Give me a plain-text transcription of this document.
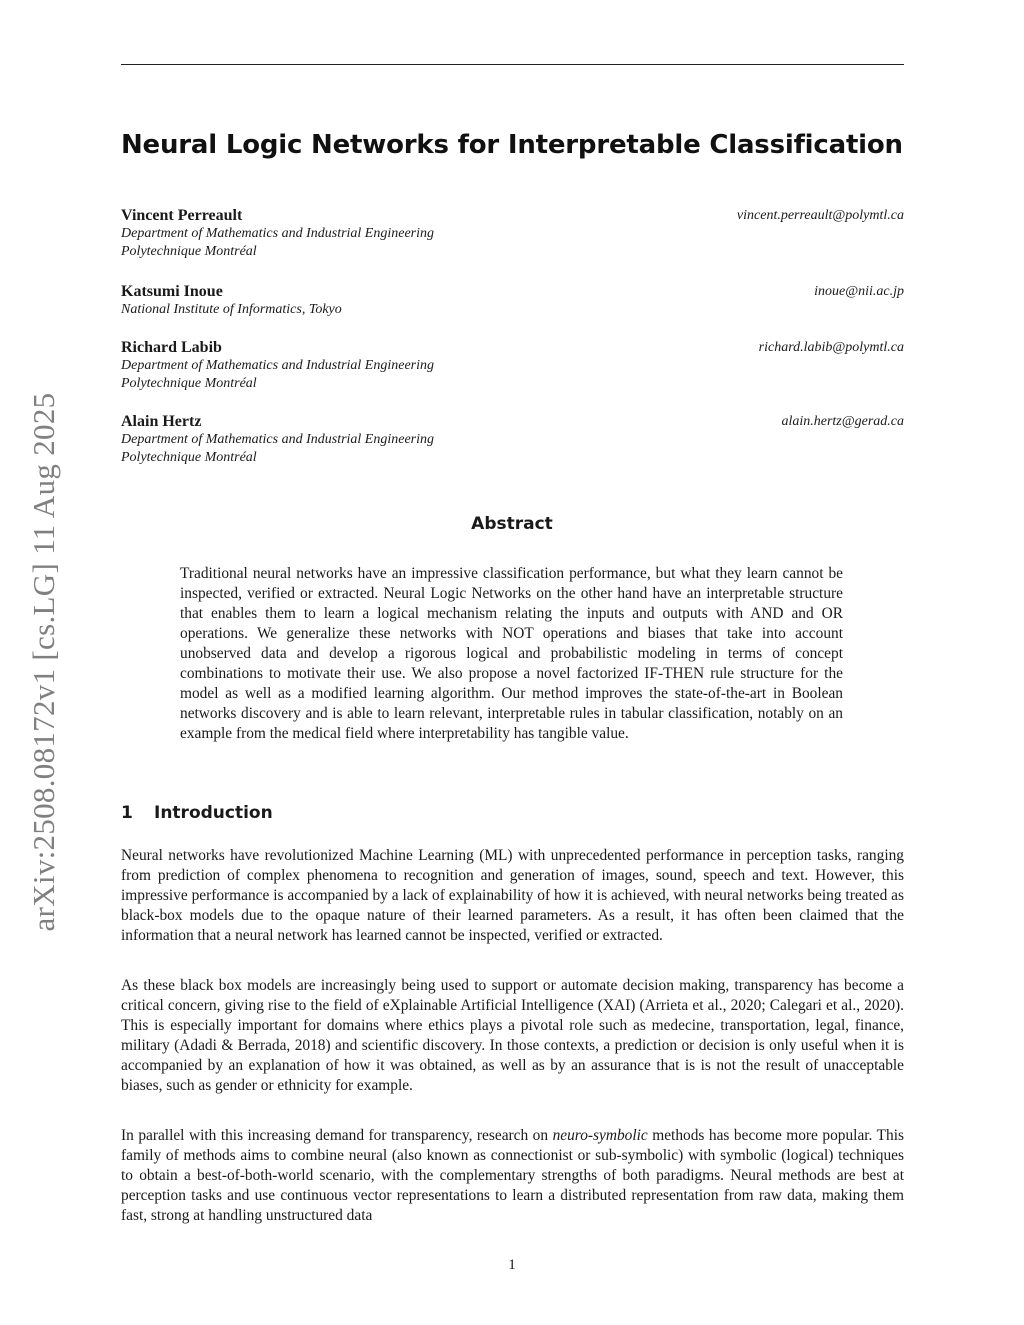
arXiv:2508.08172v1 [cs.LG] 11 Aug 2025
Neural Logic Networks for Interpretable Classification
Vincent Perreault	vincent.perreault@polymtl.ca
Department of Mathematics and Industrial Engineering
Polytechnique Montréal
Katsumi Inoue	inoue@nii.ac.jp
National Institute of Informatics, Tokyo
Richard Labib	richard.labib@polymtl.ca
Department of Mathematics and Industrial Engineering
Polytechnique Montréal
Alain Hertz	alain.hertz@gerad.ca
Department of Mathematics and Industrial Engineering
Polytechnique Montréal
Abstract
Traditional neural networks have an impressive classification performance, but what they learn cannot be inspected, verified or extracted. Neural Logic Networks on the other hand have an interpretable structure that enables them to learn a logical mechanism relating the inputs and outputs with AND and OR operations. We generalize these networks with NOT operations and biases that take into account unobserved data and develop a rigorous logical and probabilistic modeling in terms of concept combinations to motivate their use. We also propose a novel factorized IF-THEN rule structure for the model as well as a modified learning algorithm. Our method improves the state-of-the-art in Boolean networks discovery and is able to learn relevant, interpretable rules in tabular classification, notably on an example from the medical field where interpretability has tangible value.
1 Introduction

Neural networks have revolutionized Machine Learning (ML) with unprecedented performance in perception tasks, ranging from prediction of complex phenomena to recognition and generation of images, sound, speech and text. However, this impressive performance is accompanied by a lack of explainability of how it is achieved, with neural networks being treated as black-box models due to the opaque nature of their learned parameters. As a result, it has often been claimed that the information that a neural network has learned cannot be inspected, verified or extracted.

As these black box models are increasingly being used to support or automate decision making, transparency has become a critical concern, giving rise to the field of eXplainable Artificial Intelligence (XAI) (Arrieta et al., 2020; Calegari et al., 2020). This is especially important for domains where ethics plays a pivotal role such as medecine, transportation, legal, finance, military (Adadi & Berrada, 2018) and scientific discovery. In those contexts, a prediction or decision is only useful when it is accompanied by an explanation of how it was obtained, as well as by an assurance that is is not the result of unacceptable biases, such as gender or ethnicity for example.

In parallel with this increasing demand for transparency, research on neuro-symbolic methods has become more popular. This family of methods aims to combine neural (also known as connectionist or sub-symbolic) with symbolic (logical) techniques to obtain a best-of-both-world scenario, with the complementary strengths of both paradigms. Neural methods are best at perception tasks and use continuous vector representations to learn a distributed representation from raw data, making them fast, strong at handling unstructured data

1
